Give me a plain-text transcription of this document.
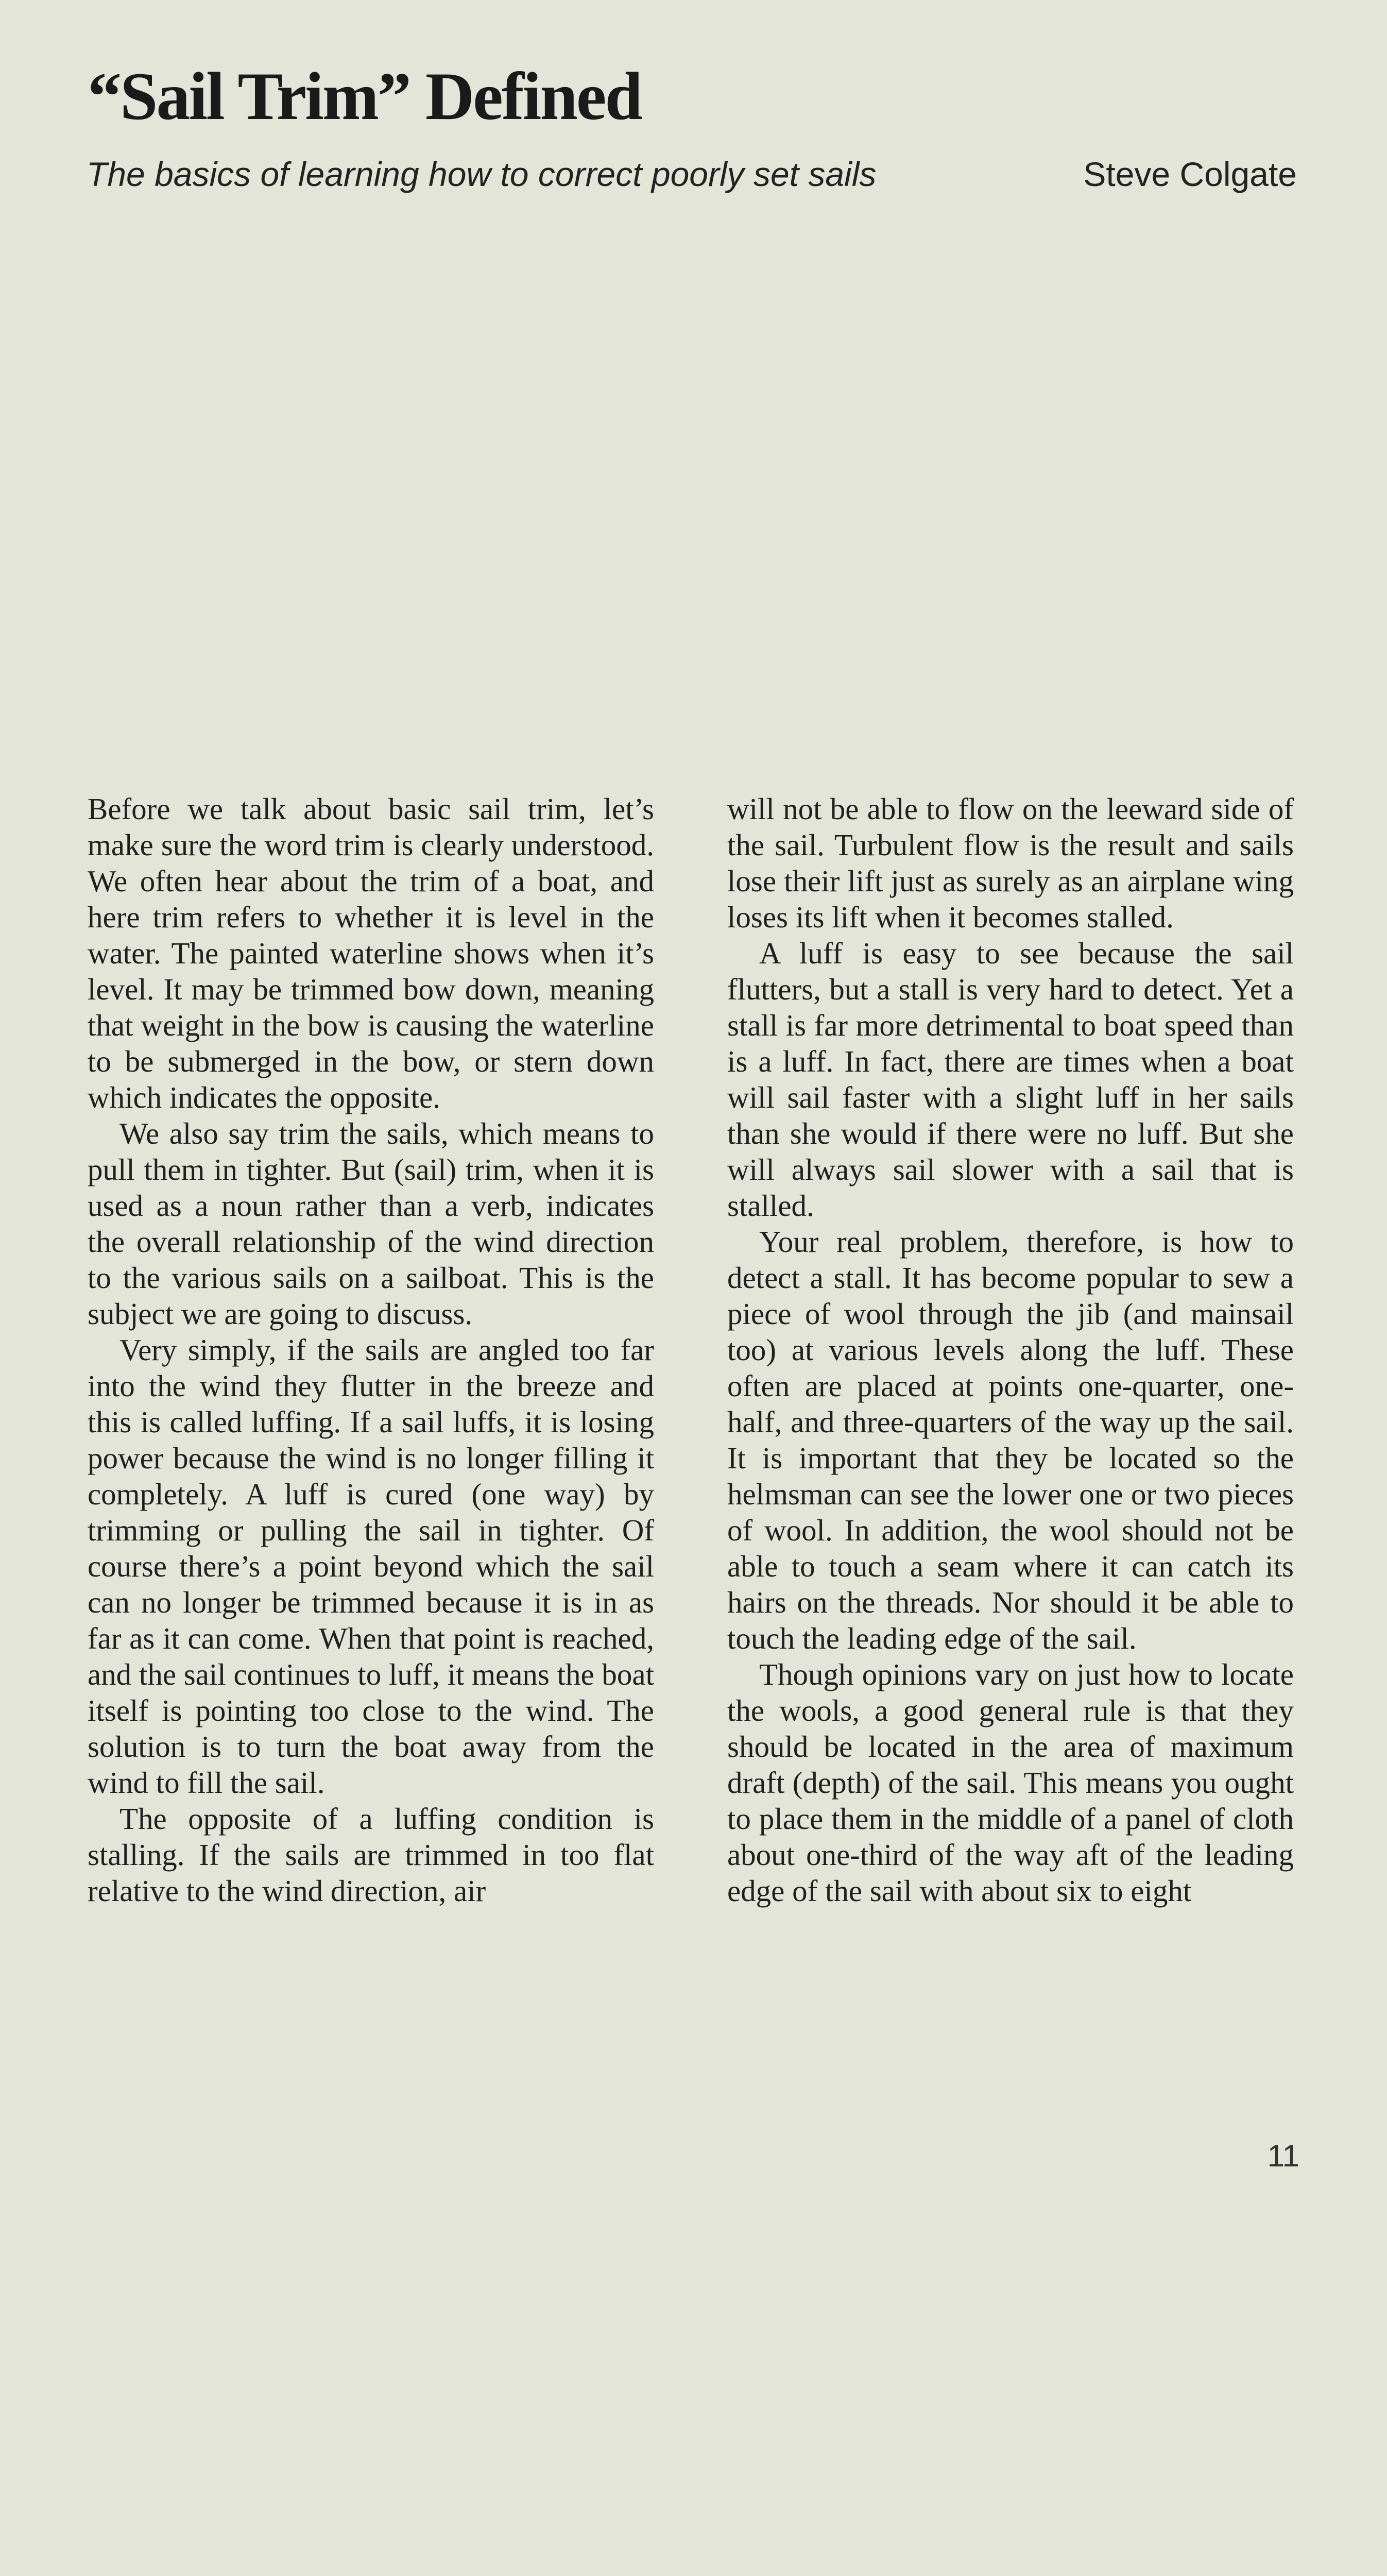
“Sail Trim” Defined
The basics of learning how to correct poorly set sails	Steve Colgate

Before we talk about basic sail trim, let’s make sure the word trim is clearly understood. We often hear about the trim of a boat, and here trim refers to whether it is level in the water. The painted waterline shows when it’s level. It may be trimmed bow down, meaning that weight in the bow is causing the waterline to be submerged in the bow, or stern down which indicates the opposite.

We also say trim the sails, which means to pull them in tighter. But (sail) trim, when it is used as a noun rather than a verb, indicates the overall relationship of the wind direction to the various sails on a sailboat. This is the subject we are going to discuss.

Very simply, if the sails are angled too far into the wind they flutter in the breeze and this is called luffing. If a sail luffs, it is losing power because the wind is no longer filling it completely. A luff is cured (one way) by trimming or pulling the sail in tighter. Of course there’s a point beyond which the sail can no longer be trimmed because it is in as far as it can come. When that point is reached, and the sail continues to luff, it means the boat itself is pointing too close to the wind. The solution is to turn the boat away from the wind to fill the sail.

The opposite of a luffing condition is stalling. If the sails are trimmed in too flat relative to the wind direction, air

will not be able to flow on the leeward side of the sail. Turbulent flow is the result and sails lose their lift just as surely as an airplane wing loses its lift when it becomes stalled.

A luff is easy to see because the sail flutters, but a stall is very hard to detect. Yet a stall is far more detrimental to boat speed than is a luff. In fact, there are times when a boat will sail faster with a slight luff in her sails than she would if there were no luff. But she will always sail slower with a sail that is stalled.

Your real problem, therefore, is how to detect a stall. It has become popular to sew a piece of wool through the jib (and mainsail too) at various levels along the luff. These often are placed at points one-quarter, one-half, and three-quarters of the way up the sail. It is important that they be located so the helmsman can see the lower one or two pieces of wool. In addition, the wool should not be able to touch a seam where it can catch its hairs on the threads. Nor should it be able to touch the leading edge of the sail.

Though opinions vary on just how to locate the wools, a good general rule is that they should be located in the area of maximum draft (depth) of the sail. This means you ought to place them in the middle of a panel of cloth about one-third of the way aft of the leading edge of the sail with about six to eight

11
